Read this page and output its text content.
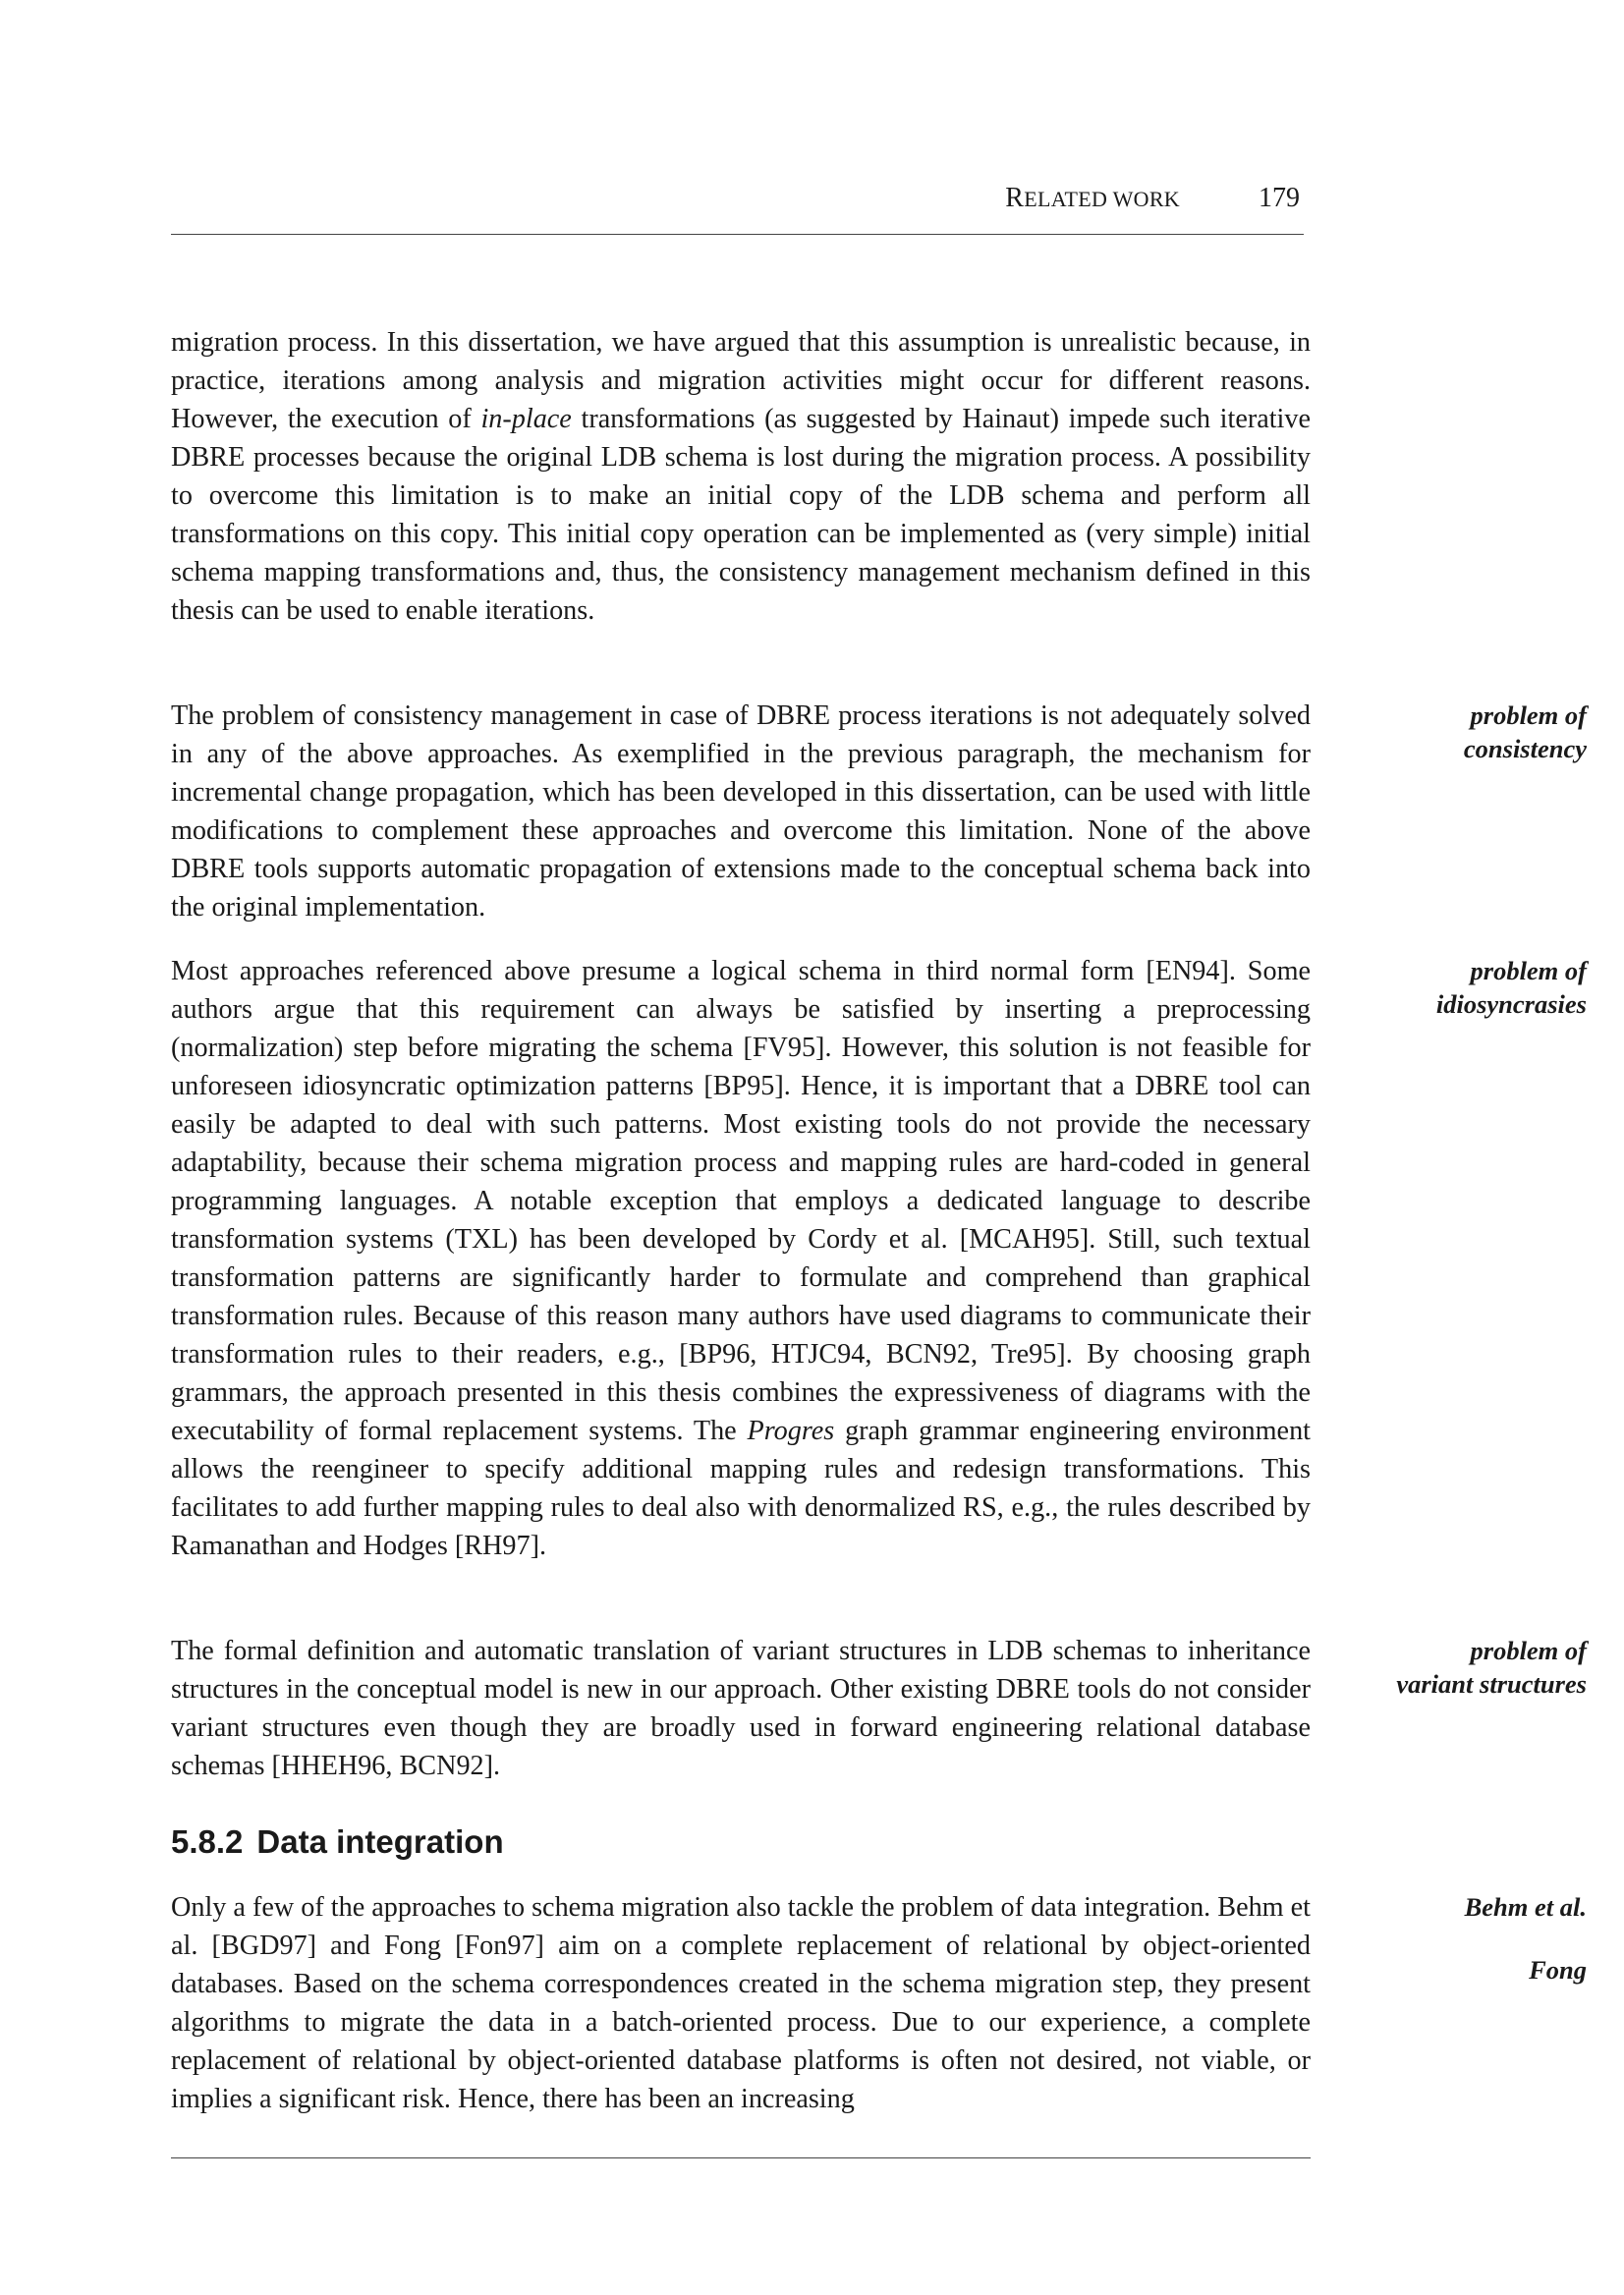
RELATED WORK	179

migration process. In this dissertation, we have argued that this assumption is unrealistic because, in practice, iterations among analysis and migration activities might occur for different reasons. However, the execution of in-place transformations (as suggested by Hainaut) impede such iterative DBRE processes because the original LDB schema is lost during the migration process. A possibility to overcome this limitation is to make an initial copy of the LDB schema and perform all transformations on this copy. This initial copy operation can be implemented as (very simple) initial schema mapping transformations and, thus, the consistency management mechanism defined in this thesis can be used to enable iterations.

The problem of consistency management in case of DBRE process iterations is not adequately solved in any of the above approaches. As exemplified in the previous paragraph, the mechanism for incremental change propagation, which has been developed in this dissertation, can be used with little modifications to complement these approaches and overcome this limitation. None of the above DBRE tools supports automatic propagation of extensions made to the conceptual schema back into the original implementation.

Most approaches referenced above presume a logical schema in third normal form [EN94]. Some authors argue that this requirement can always be satisfied by inserting a preprocessing (normalization) step before migrating the schema [FV95]. However, this solution is not feasible for unforeseen idiosyncratic optimization patterns [BP95]. Hence, it is important that a DBRE tool can easily be adapted to deal with such patterns. Most existing tools do not provide the necessary adaptability, because their schema migration process and mapping rules are hard-coded in general programming languages. A notable exception that employs a dedicated language to describe transformation systems (TXL) has been developed by Cordy et al. [MCAH95]. Still, such textual transformation patterns are significantly harder to formulate and comprehend than graphical transformation rules. Because of this reason many authors have used diagrams to communicate their transformation rules to their readers, e.g., [BP96, HTJC94, BCN92, Tre95]. By choosing graph grammars, the approach presented in this thesis combines the expressiveness of diagrams with the executability of formal replacement systems. The Progres graph grammar engineering environment allows the reengineer to specify additional mapping rules and redesign transformations. This facilitates to add further mapping rules to deal also with denormalized RS, e.g., the rules described by Ramanathan and Hodges [RH97].

The formal definition and automatic translation of variant structures in LDB schemas to inheritance structures in the conceptual model is new in our approach. Other existing DBRE tools do not consider variant structures even though they are broadly used in forward engineering relational database schemas [HHEH96, BCN92].

5.8.2 Data integration

Only a few of the approaches to schema migration also tackle the problem of data integration. Behm et al. [BGD97] and Fong [Fon97] aim on a complete replacement of relational by object-oriented databases. Based on the schema correspondences created in the schema migration step, they present algorithms to migrate the data in a batch-oriented process. Due to our experience, a complete replacement of relational by object-oriented database platforms is often not desired, not viable, or implies a significant risk. Hence, there has been an increasing

problem of
consistency
problem of
idiosyncrasies
problem of
variant structures
Behm et al.
Fong
